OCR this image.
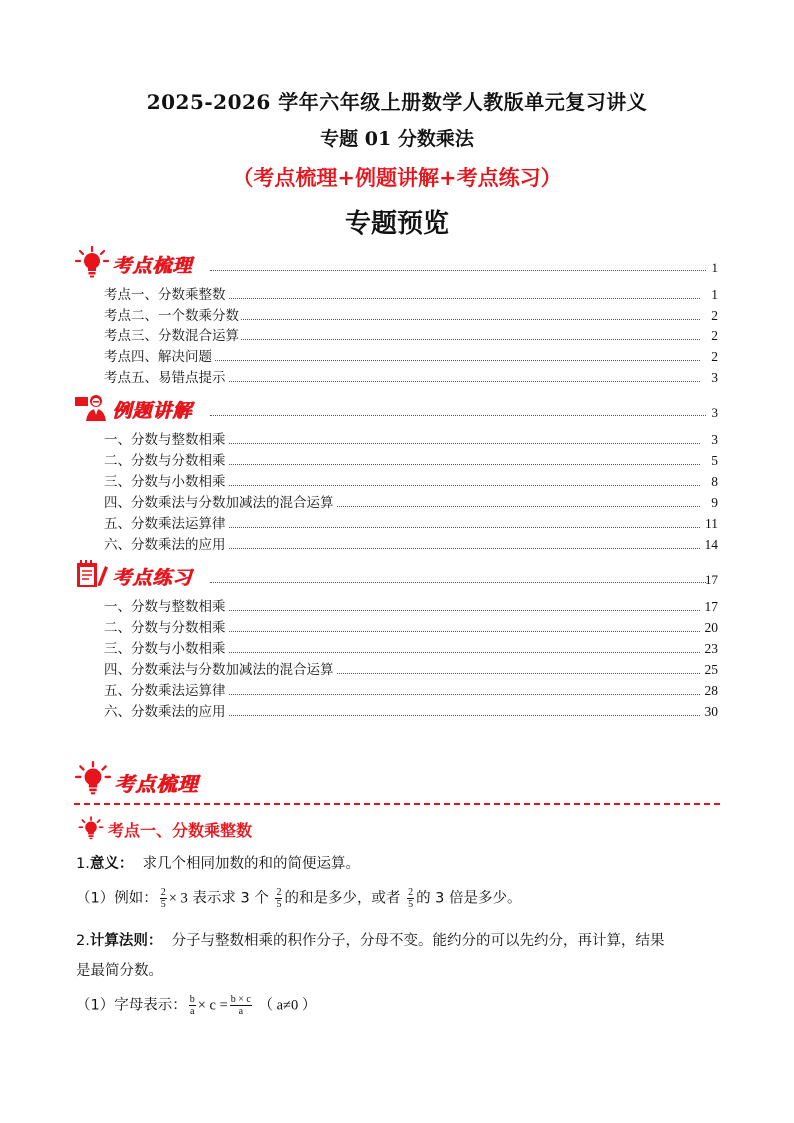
2025-2026 学年六年级上册数学人教版单元复习讲义
专题 01 分数乘法
（考点梳理+例题讲解+考点练习）
专题预览
考点梳理	1
考点一、分数乘整数	1
考点二、一个数乘分数	2
考点三、分数混合运算	2
考点四、解决问题	2
考点五、易错点提示	3
例题讲解	3
一、分数与整数相乘	3
二、分数与分数相乘	5
三、分数与小数相乘	8
四、分数乘法与分数加减法的混合运算	9
五、分数乘法运算律	11
六、分数乘法的应用	14
考点练习	17
一、分数与整数相乘	17
二、分数与分数相乘	20
三、分数与小数相乘	23
四、分数乘法与分数加减法的混合运算	25
五、分数乘法运算律	28
六、分数乘法的应用	30
考点梳理
考点一、分数乘整数
1.意义： 求几个相同加数的和的简便运算。
（1）例如： $\frac{2}{5} \times 3$ 表示求 3 个 $\frac{2}{5}$ 的和是多少，或者 $\frac{2}{5}$ 的 3 倍是多少。
2.计算法则： 分子与整数相乘的积作分子，分母不变。能约分的可以先约分，再计算，结果
是最简分数。
（1）字母表示： $\frac{b}{a} \times c = \frac{b \times c}{a}$ （ a≠0 ）
